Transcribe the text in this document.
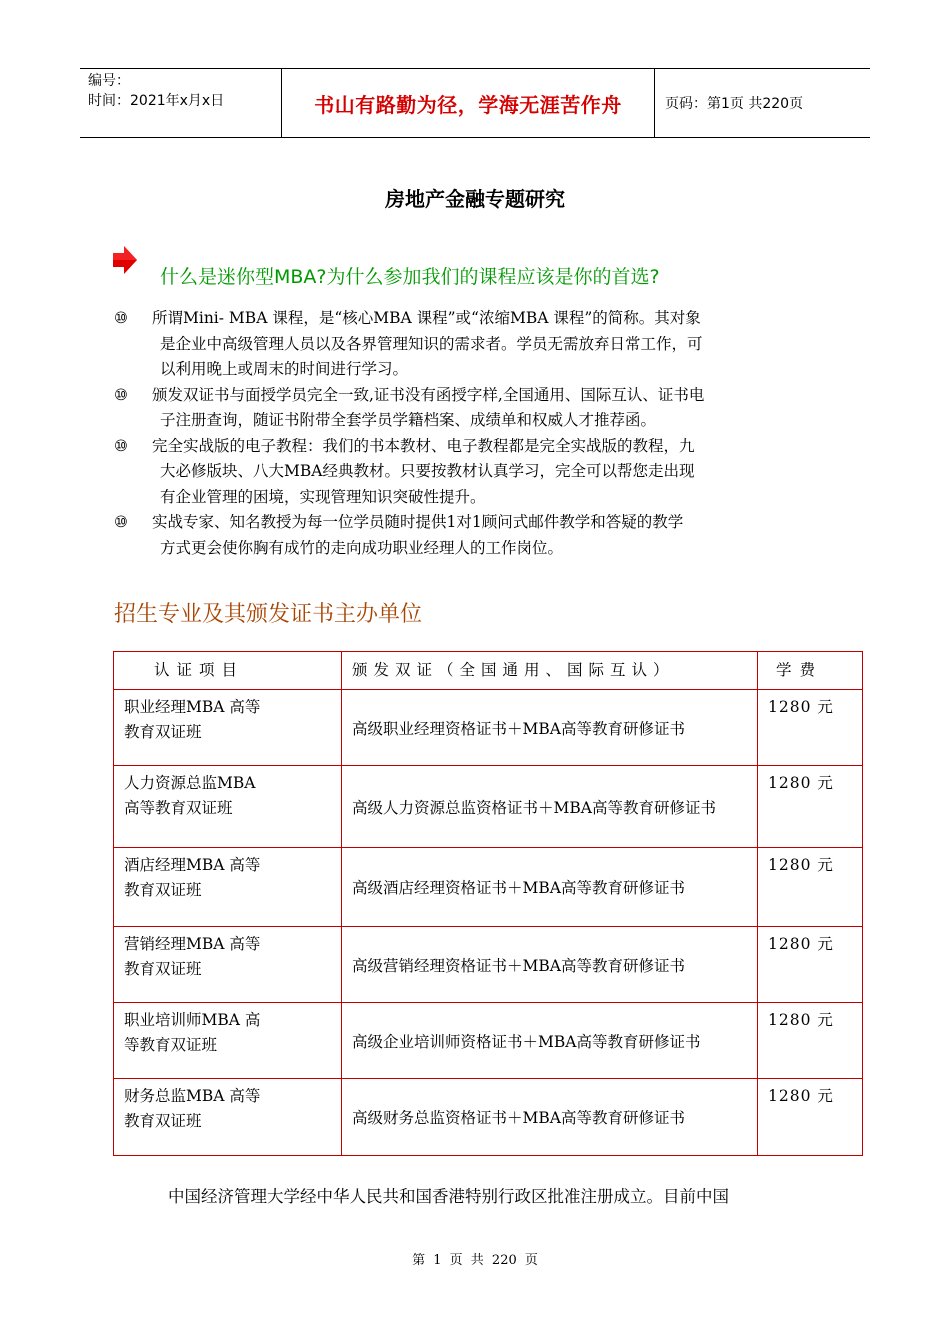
编号：
时间：2021年x月x日	书山有路勤为径，学海无涯苦作舟	页码：第1页 共220页
房地产金融专题研究
什么是迷你型MBA?为什么参加我们的课程应该是你的首选?
⑩ 所谓Mini- MBA 课程，是“核心MBA 课程”或“浓缩MBA 课程”的简称。其对象
是企业中高级管理人员以及各界管理知识的需求者。学员无需放弃日常工作，可
以利用晚上或周末的时间进行学习。
⑩ 颁发双证书与面授学员完全一致,证书没有函授字样,全国通用、国际互认、证书电
子注册查询，随证书附带全套学员学籍档案、成绩单和权威人才推荐函。
⑩ 完全实战版的电子教程：我们的书本教材、电子教程都是完全实战版的教程，九
大必修版块、八大MBA经典教材。只要按教材认真学习，完全可以帮您走出现
有企业管理的困境，实现管理知识突破性提升。
⑩ 实战专家、知名教授为每一位学员随时提供1对1顾问式邮件教学和答疑的教学
方式更会使你胸有成竹的走向成功职业经理人的工作岗位。
招生专业及其颁发证书主办单位
认证项目	颁发双证（全国通用、国际互认）	学费

职业经理MBA 高等
教育双证班	高级职业经理资格证书＋MBA高等教育研修证书	1280 元

人力资源总监MBA
高等教育双证班	高级人力资源总监资格证书＋MBA高等教育研修证书	1280 元

酒店经理MBA 高等
教育双证班	高级酒店经理资格证书＋MBA高等教育研修证书	1280 元

营销经理MBA 高等
教育双证班	高级营销经理资格证书＋MBA高等教育研修证书	1280 元

职业培训师MBA 高
等教育双证班	高级企业培训师资格证书＋MBA高等教育研修证书	1280 元

财务总监MBA 高等
教育双证班	高级财务总监资格证书＋MBA高等教育研修证书	1280 元
中国经济管理大学经中华人民共和国香港特别行政区批准注册成立。目前中国
第 1 页 共 220 页
